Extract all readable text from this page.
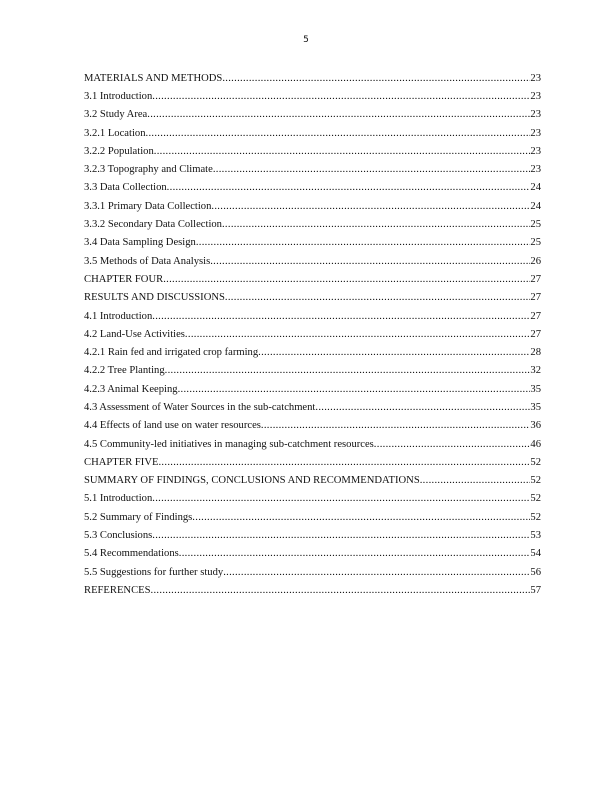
5
MATERIALS AND METHODS .....	23
3.1 Introduction .....	23
3.2 Study Area .....	23
3.2.1 Location .....	23
3.2.2 Population .....	23
3.2.3 Topography and Climate .....	23
3.3 Data Collection .....	24
3.3.1 Primary Data Collection .....	24
3.3.2 Secondary Data Collection .....	25
3.4 Data Sampling Design .....	25
3.5 Methods of Data Analysis .....	26
CHAPTER FOUR .....	27
RESULTS AND DISCUSSIONS .....	27
4.1 Introduction .....	27
4.2 Land-Use Activities .....	27
4.2.1 Rain fed and irrigated crop farming .....	28
4.2.2 Tree Planting .....	32
4.2.3 Animal Keeping .....	35
4.3 Assessment of Water Sources in the sub-catchment .....	35
4.4 Effects of land use on water resources .....	36
4.5 Community-led initiatives in managing sub-catchment resources .....	46
CHAPTER FIVE .....	52
SUMMARY OF FINDINGS, CONCLUSIONS AND RECOMMENDATIONS .....	52
5.1 Introduction .....	52
5.2 Summary of Findings .....	52
5.3 Conclusions .....	53
5.4 Recommendations .....	54
5.5 Suggestions for further study .....	56
REFERENCES .....	57
